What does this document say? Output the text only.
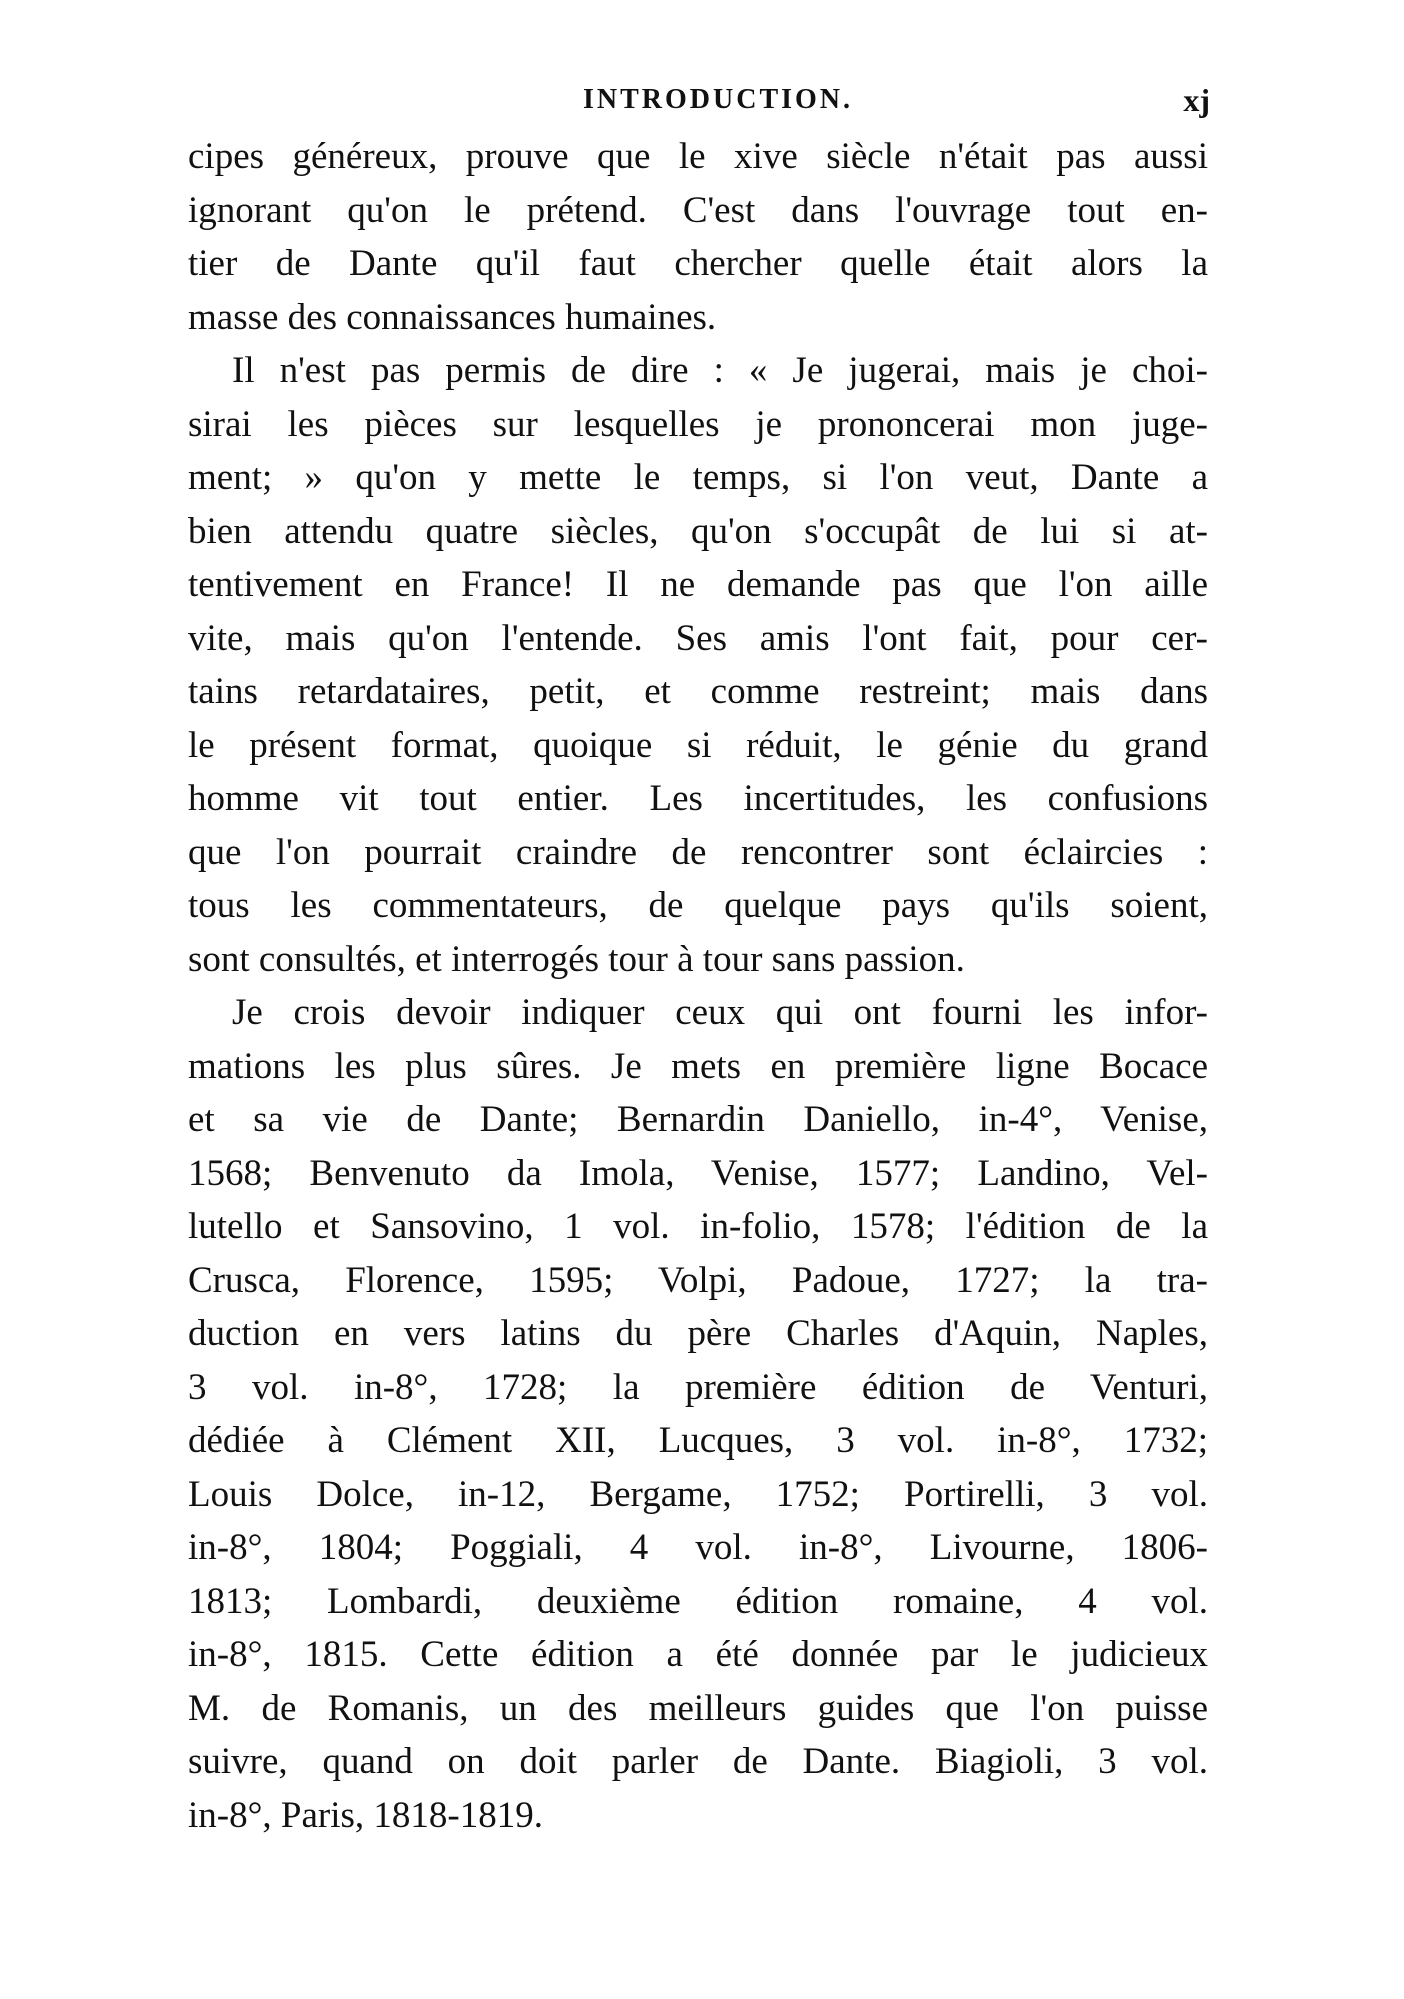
INTRODUCTION.	xj
cipes généreux, prouve que le xive siècle n'était pas aussi
ignorant qu'on le prétend. C'est dans l'ouvrage tout en-
tier de Dante qu'il faut chercher quelle était alors la
masse des connaissances humaines.
Il n'est pas permis de dire : « Je jugerai, mais je choi-
sirai les pièces sur lesquelles je prononcerai mon juge-
ment; » qu'on y mette le temps, si l'on veut, Dante a
bien attendu quatre siècles, qu'on s'occupât de lui si at-
tentivement en France! Il ne demande pas que l'on aille
vite, mais qu'on l'entende. Ses amis l'ont fait, pour cer-
tains retardataires, petit, et comme restreint; mais dans
le présent format, quoique si réduit, le génie du grand
homme vit tout entier. Les incertitudes, les confusions
que l'on pourrait craindre de rencontrer sont éclaircies :
tous les commentateurs, de quelque pays qu'ils soient,
sont consultés, et interrogés tour à tour sans passion.
Je crois devoir indiquer ceux qui ont fourni les infor-
mations les plus sûres. Je mets en première ligne Bocace
et sa vie de Dante; Bernardin Daniello, in-4°, Venise,
1568; Benvenuto da Imola, Venise, 1577; Landino, Vel-
lutello et Sansovino, 1 vol. in-folio, 1578; l'édition de la
Crusca, Florence, 1595; Volpi, Padoue, 1727; la tra-
duction en vers latins du père Charles d'Aquin, Naples,
3 vol. in-8°, 1728; la première édition de Venturi,
dédiée à Clément XII, Lucques, 3 vol. in-8°, 1732;
Louis Dolce, in-12, Bergame, 1752; Portirelli, 3 vol.
in-8°, 1804; Poggiali, 4 vol. in-8°, Livourne, 1806-
1813; Lombardi, deuxième édition romaine, 4 vol.
in-8°, 1815. Cette édition a été donnée par le judicieux
M. de Romanis, un des meilleurs guides que l'on puisse
suivre, quand on doit parler de Dante. Biagioli, 3 vol.
in-8°, Paris, 1818-1819.
